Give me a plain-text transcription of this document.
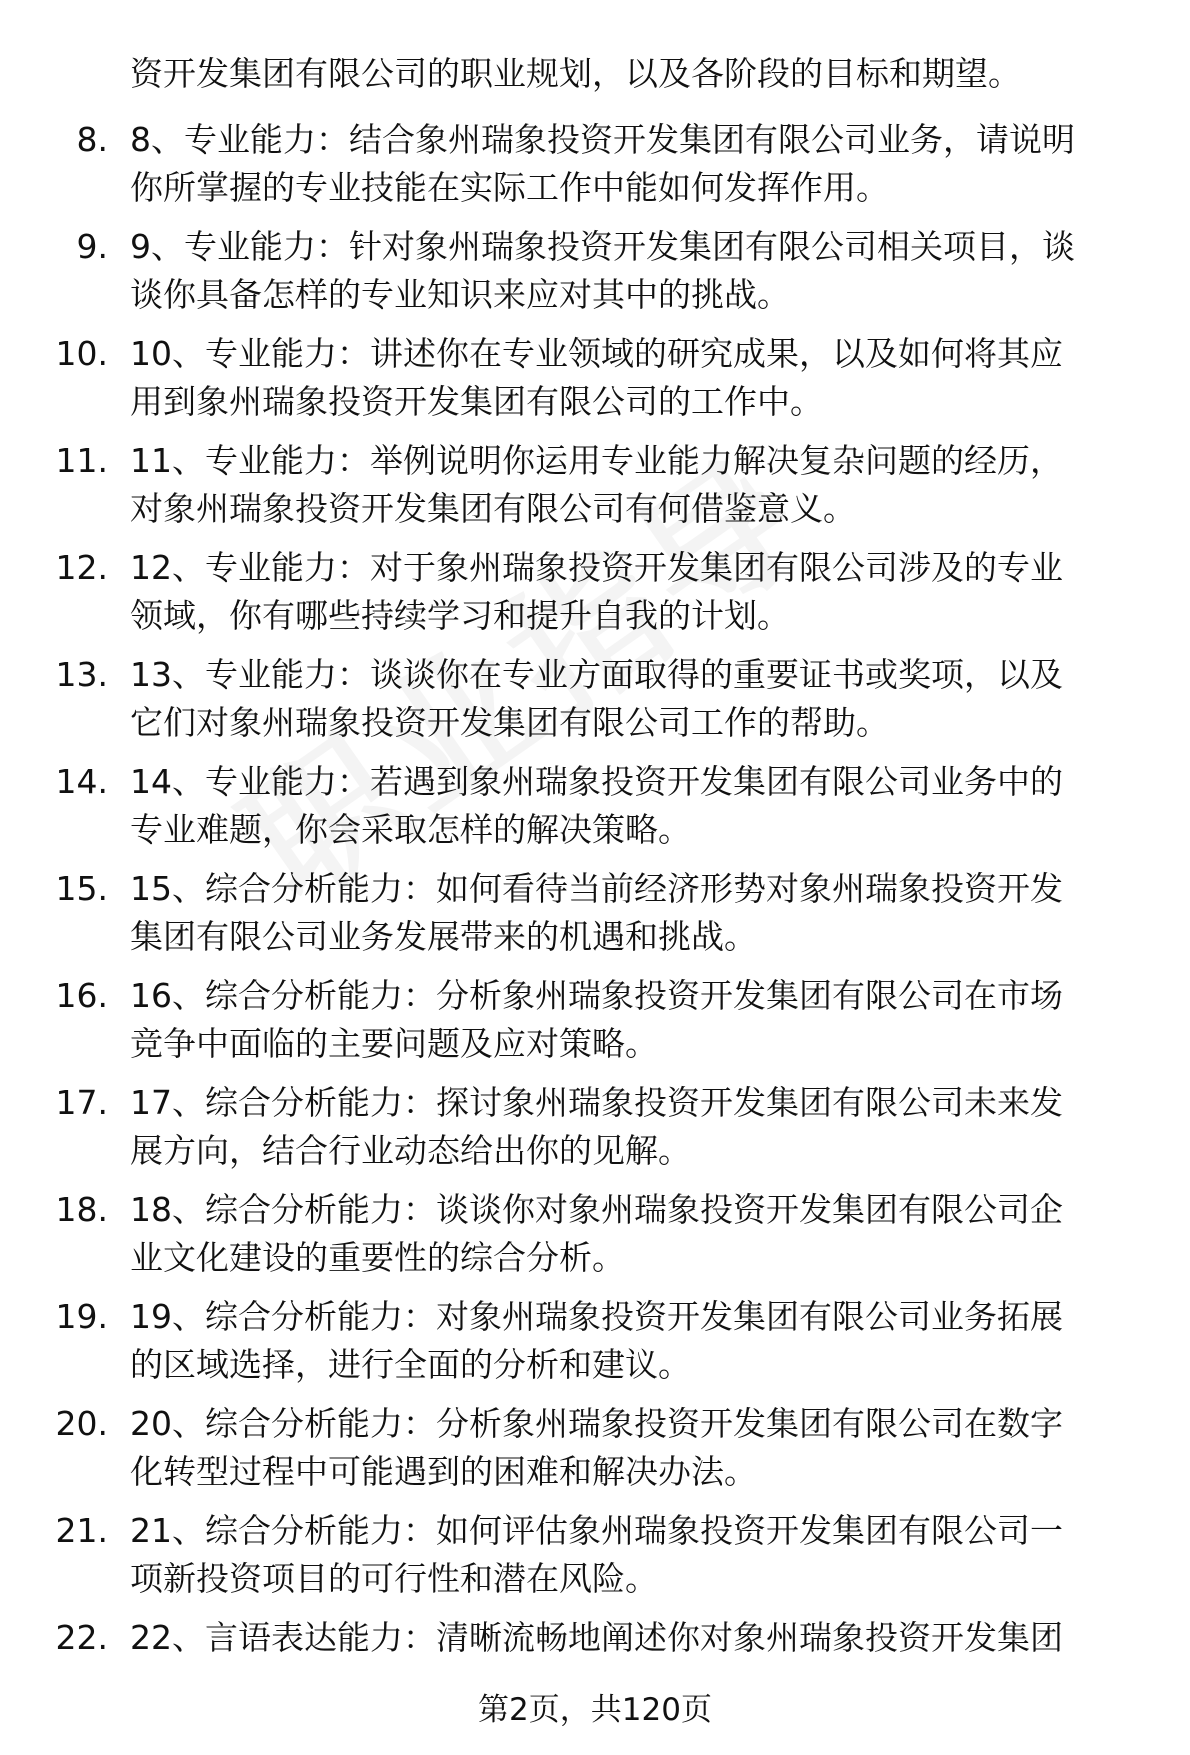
资开发集团有限公司的职业规划，以及各阶段的目标和期望。
8. 8、专业能力：结合象州瑞象投资开发集团有限公司业务，请说明
你所掌握的专业技能在实际工作中能如何发挥作用。
9. 9、专业能力：针对象州瑞象投资开发集团有限公司相关项目，谈
谈你具备怎样的专业知识来应对其中的挑战。
10. 10、专业能力：讲述你在专业领域的研究成果，以及如何将其应
用到象州瑞象投资开发集团有限公司的工作中。
11. 11、专业能力：举例说明你运用专业能力解决复杂问题的经历，
对象州瑞象投资开发集团有限公司有何借鉴意义。
12. 12、专业能力：对于象州瑞象投资开发集团有限公司涉及的专业
领域，你有哪些持续学习和提升自我的计划。
13. 13、专业能力：谈谈你在专业方面取得的重要证书或奖项，以及
它们对象州瑞象投资开发集团有限公司工作的帮助。
14. 14、专业能力：若遇到象州瑞象投资开发集团有限公司业务中的
专业难题，你会采取怎样的解决策略。
15. 15、综合分析能力：如何看待当前经济形势对象州瑞象投资开发
集团有限公司业务发展带来的机遇和挑战。
16. 16、综合分析能力：分析象州瑞象投资开发集团有限公司在市场
竞争中面临的主要问题及应对策略。
17. 17、综合分析能力：探讨象州瑞象投资开发集团有限公司未来发
展方向，结合行业动态给出你的见解。
18. 18、综合分析能力：谈谈你对象州瑞象投资开发集团有限公司企
业文化建设的重要性的综合分析。
19. 19、综合分析能力：对象州瑞象投资开发集团有限公司业务拓展
的区域选择，进行全面的分析和建议。
20. 20、综合分析能力：分析象州瑞象投资开发集团有限公司在数字
化转型过程中可能遇到的困难和解决办法。
21. 21、综合分析能力：如何评估象州瑞象投资开发集团有限公司一
项新投资项目的可行性和潜在风险。
22. 22、言语表达能力：清晰流畅地阐述你对象州瑞象投资开发集团
第2页，共120页
